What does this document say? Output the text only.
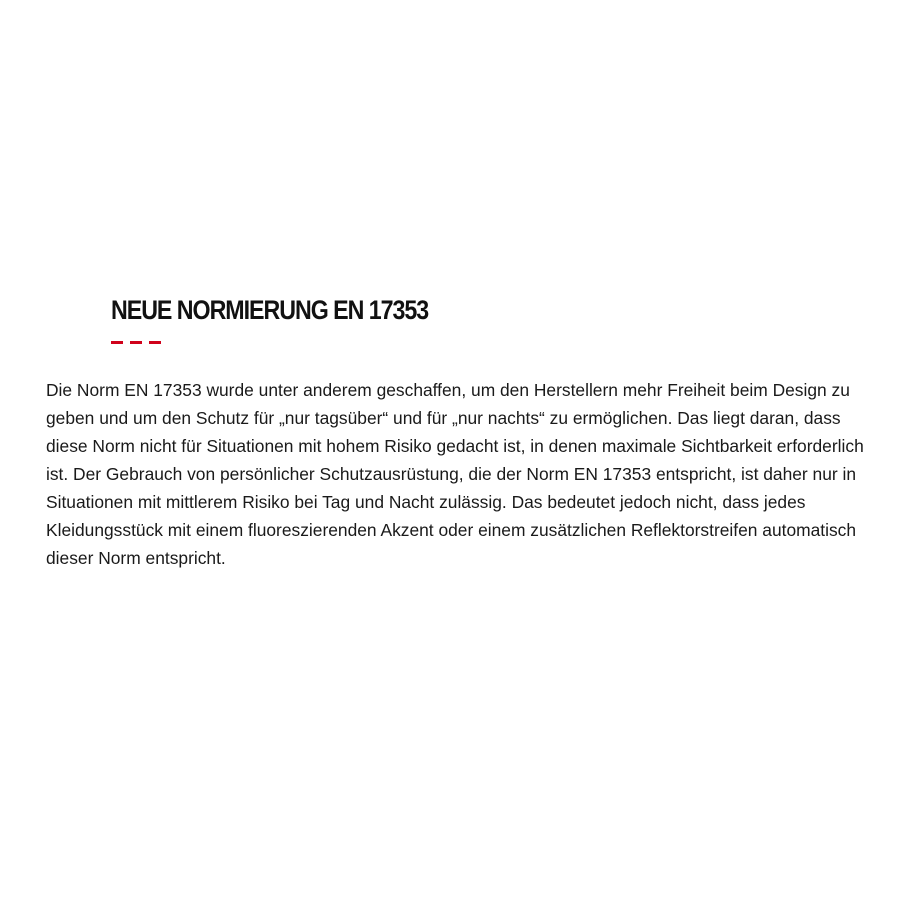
NEUE NORMIERUNG EN 17353

Die Norm EN 17353 wurde unter anderem geschaffen, um den Herstellern mehr Freiheit beim Design zu geben und um den Schutz für „nur tagsüber“ und für „nur nachts“ zu ermöglichen. Das liegt daran, dass diese Norm nicht für Situationen mit hohem Risiko gedacht ist, in denen maximale Sichtbarkeit erforderlich ist. Der Gebrauch von persönlicher Schutzausrüstung, die der Norm EN 17353 entspricht, ist daher nur in Situationen mit mittlerem Risiko bei Tag und Nacht zulässig. Das bedeutet jedoch nicht, dass jedes Kleidungsstück mit einem fluoreszierenden Akzent oder einem zusätzlichen Reflektorstreifen automatisch dieser Norm entspricht.
